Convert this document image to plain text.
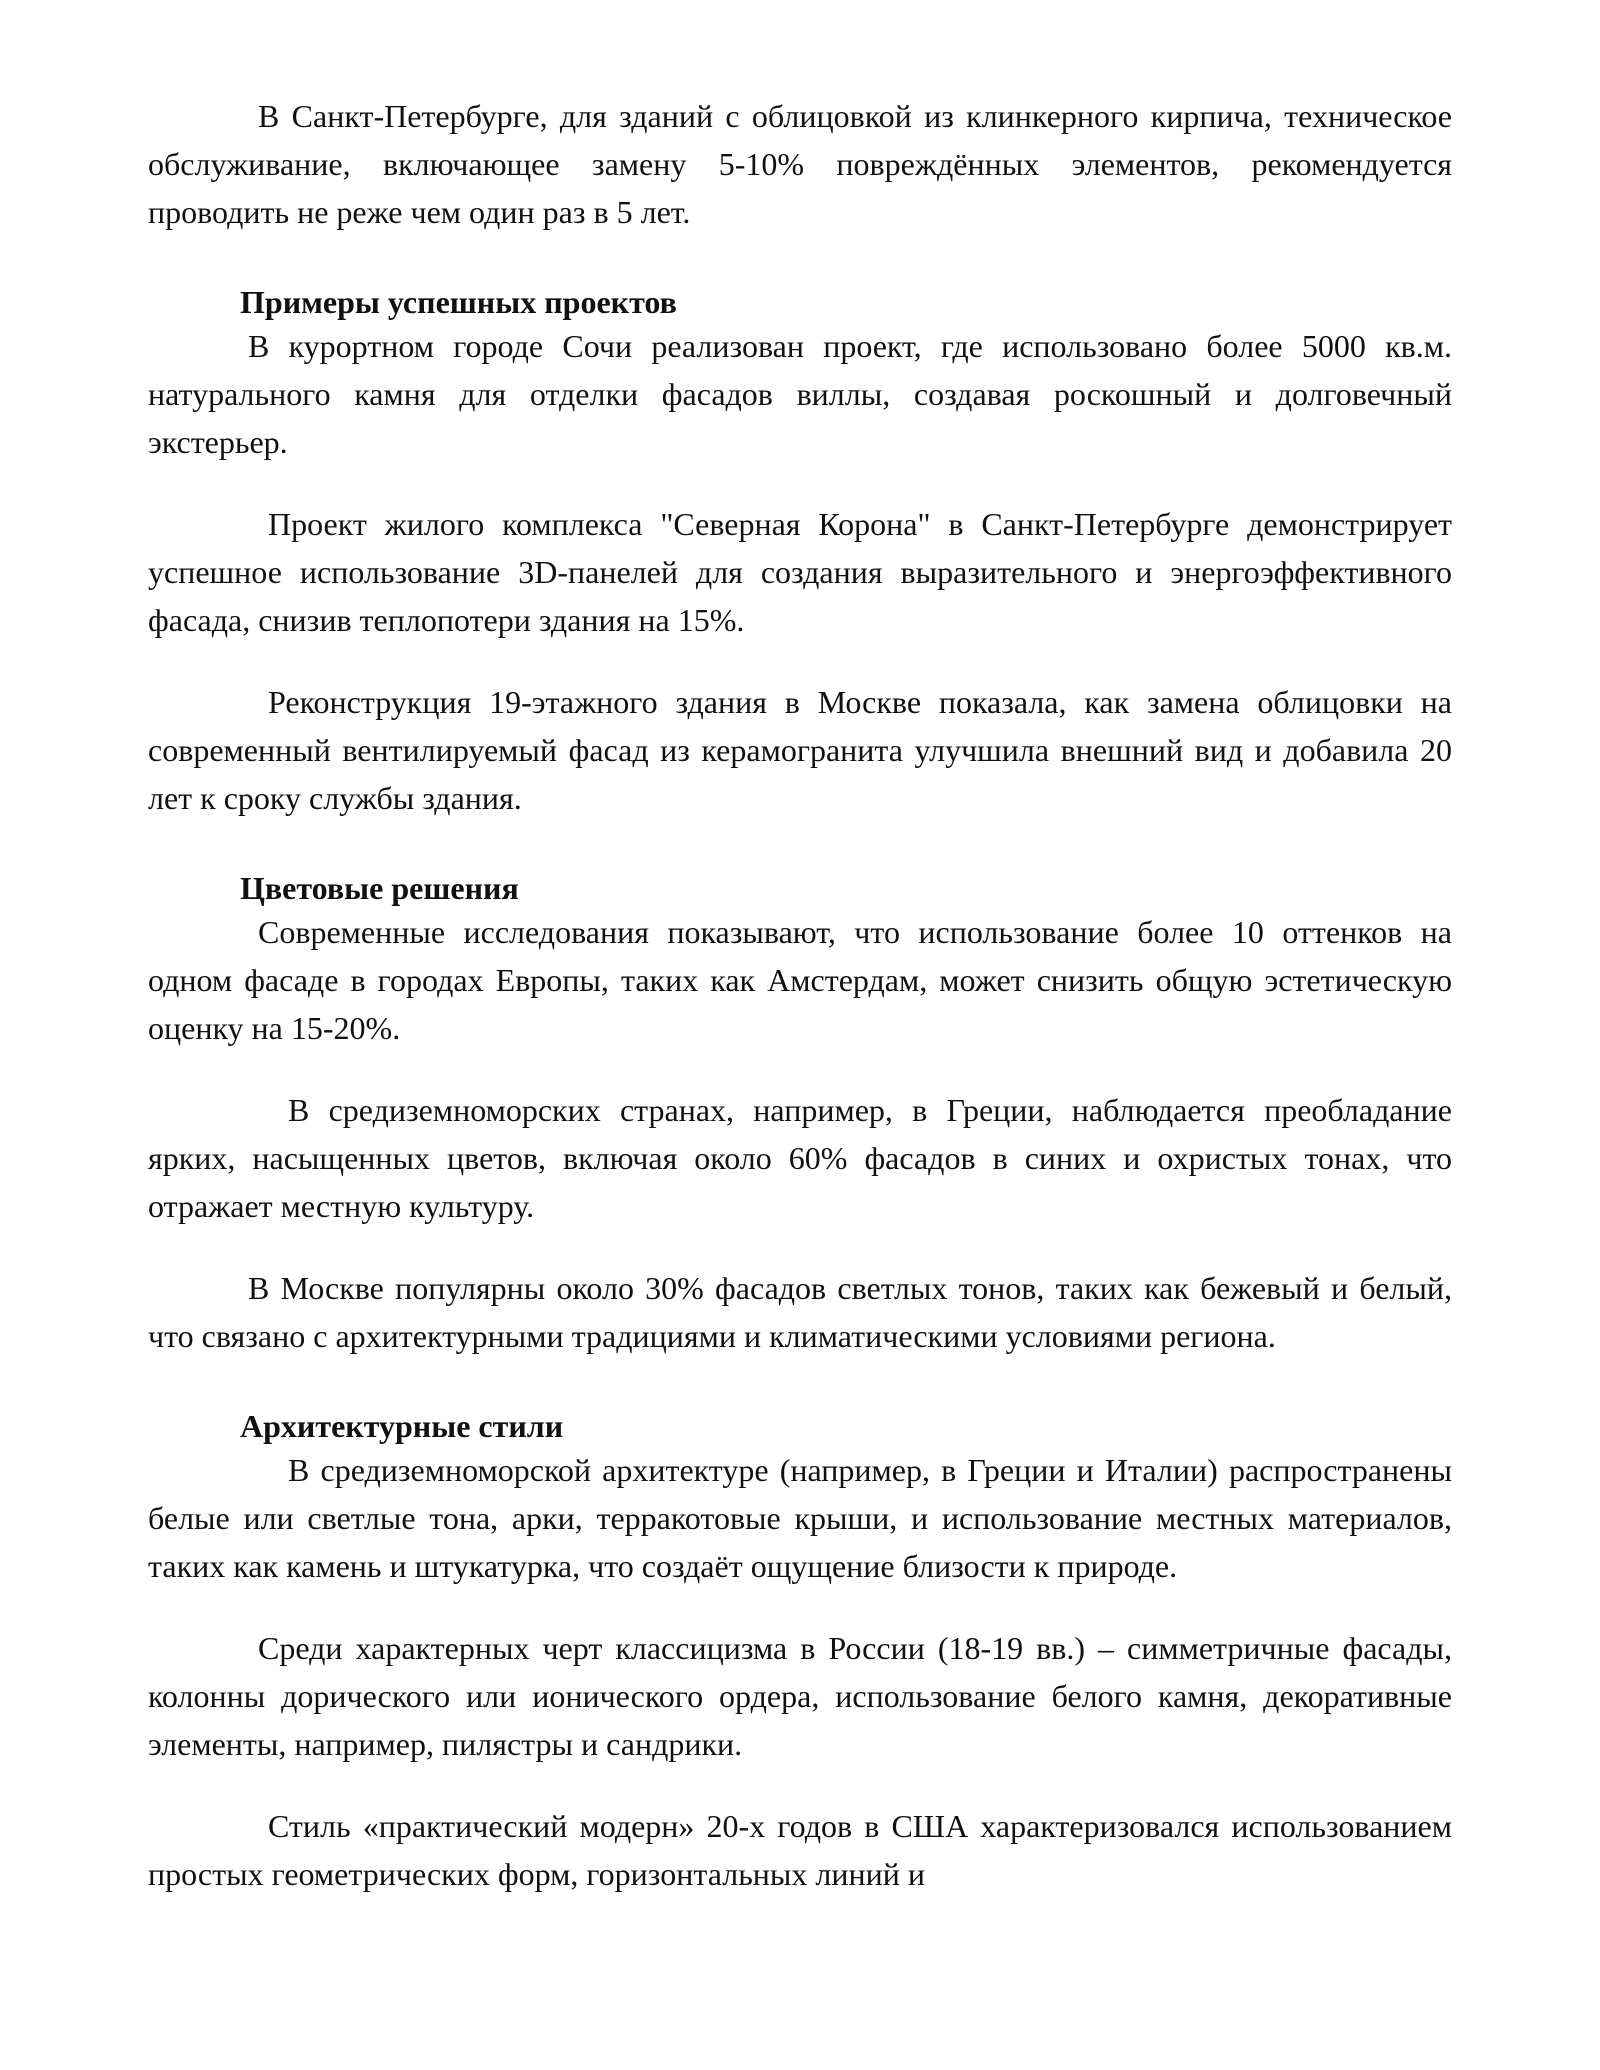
В Санкт-Петербурге, для зданий с облицовкой из клинкерного кирпича, техническое обслуживание, включающее замену 5-10% повреждённых элементов, рекомендуется проводить не реже чем один раз в 5 лет.

Примеры успешных проектов

В курортном городе Сочи реализован проект, где использовано более 5000 кв.м. натурального камня для отделки фасадов виллы, создавая роскошный и долговечный экстерьер.

Проект жилого комплекса "Северная Корона" в Санкт-Петербурге демонстрирует успешное использование 3D-панелей для создания выразительного и энергоэффективного фасада, снизив теплопотери здания на 15%.

Реконструкция 19-этажного здания в Москве показала, как замена облицовки на современный вентилируемый фасад из керамогранита улучшила внешний вид и добавила 20 лет к сроку службы здания.

Цветовые решения

Современные исследования показывают, что использование более 10 оттенков на одном фасаде в городах Европы, таких как Амстердам, может снизить общую эстетическую оценку на 15-20%.

В средиземноморских странах, например, в Греции, наблюдается преобладание ярких, насыщенных цветов, включая около 60% фасадов в синих и охристых тонах, что отражает местную культуру.

В Москве популярны около 30% фасадов светлых тонов, таких как бежевый и белый, что связано с архитектурными традициями и климатическими условиями региона.

Архитектурные стили

В средиземноморской архитектуре (например, в Греции и Италии) распространены белые или светлые тона, арки, терракотовые крыши, и использование местных материалов, таких как камень и штукатурка, что создаёт ощущение близости к природе.

Среди характерных черт классицизма в России (18-19 вв.) – симметричные фасады, колонны дорического или ионического ордера, использование белого камня, декоративные элементы, например, пилястры и сандрики.

Стиль «практический модерн» 20-х годов в США характеризовался использованием простых геометрических форм, горизонтальных линий и
